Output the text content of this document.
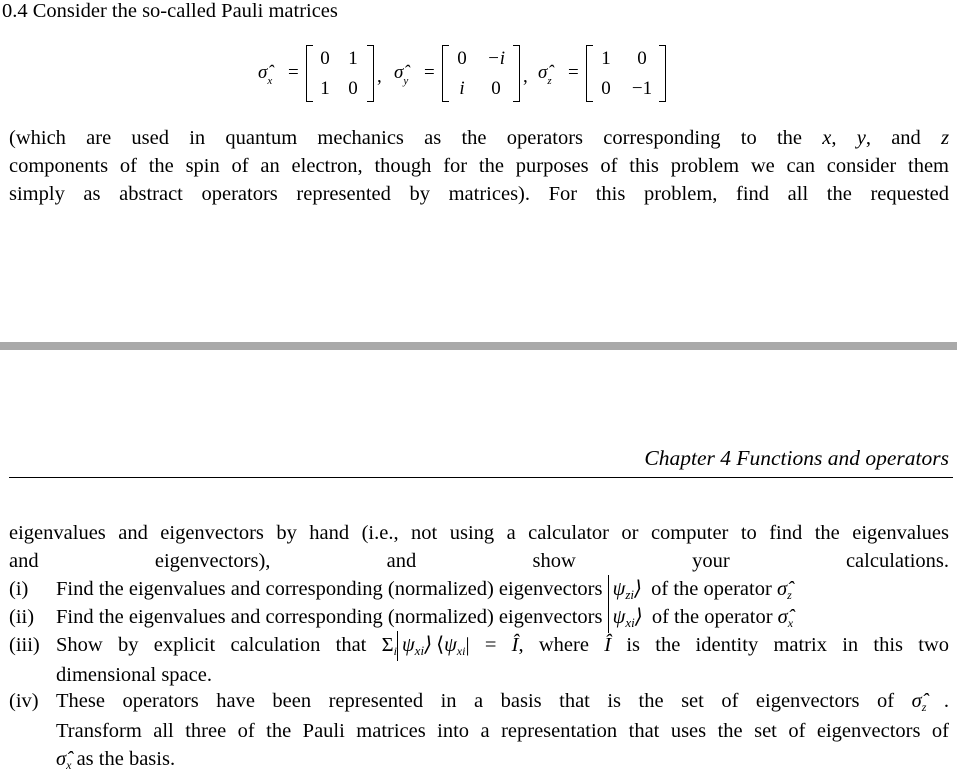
0.4 Consider the so-called Pauli matrices
$\sigmâ_x$ =
0 1
1 0
, $\sigmâ_y$ =
0	−i
i	0
, $\sigmâ_z$ =
1	0
0	−1
(which are used in quantum mechanics as the operators corresponding to the x, y, and z
components of the spin of an electron, though for the purposes of this problem we can consider them
simply as abstract operators represented by matrices). For this problem, find all the requested
Chapter 4 Functions and operators
eigenvalues and eigenvectors by hand (i.e., not using a calculator or computer to find the eigenvalues
and eigenvectors), and show your calculations.
(i) Find the eigenvalues and corresponding (normalized) eigenvectors ψzi⟩ of the operator σ̂z
(ii) Find the eigenvalues and corresponding (normalized) eigenvectors ψxi⟩ of the operator σ̂x
(iii) Show by explicit calculation that Σi ψxi⟩ ⟨ψxi| = Î, where Î is the identity matrix in this two
dimensional space.
(iv) These operators have been represented in a basis that is the set of eigenvectors of σ̂z .
Transform all three of the Pauli matrices into a representation that uses the set of eigenvectors of
σ̂x as the basis.
